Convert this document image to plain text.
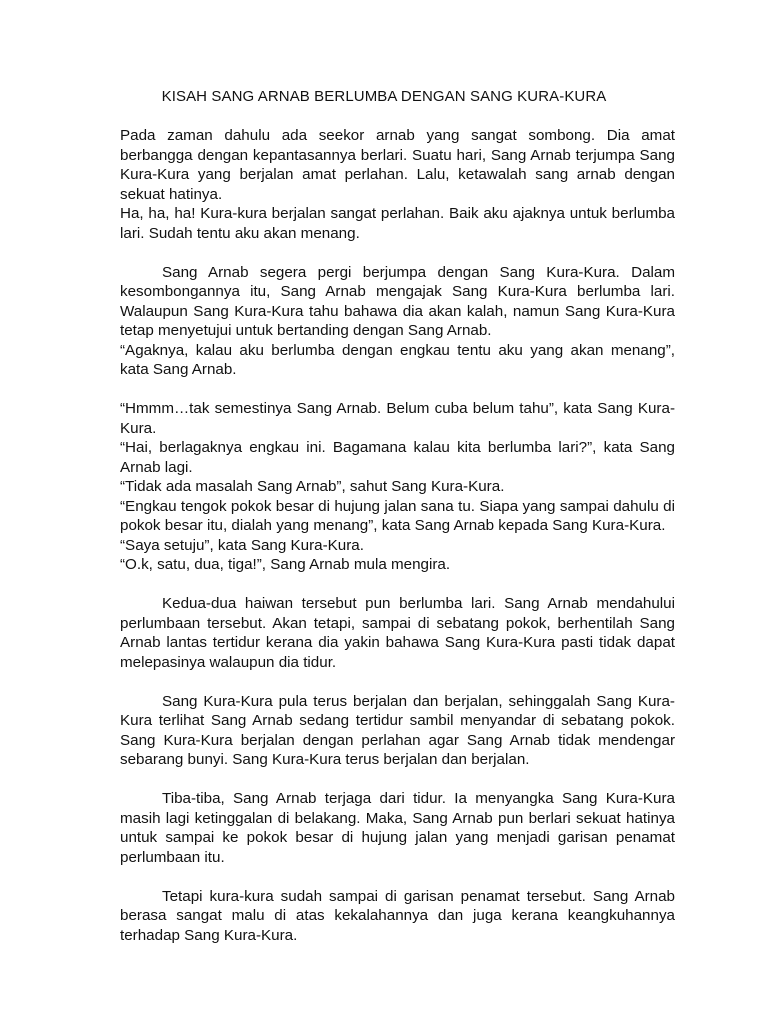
KISAH SANG ARNAB BERLUMBA DENGAN SANG KURA-KURA

Pada zaman dahulu ada seekor arnab yang sangat sombong. Dia amat berbangga dengan kepantasannya berlari. Suatu hari, Sang Arnab terjumpa Sang Kura-Kura yang berjalan amat perlahan. Lalu, ketawalah sang arnab dengan sekuat hatinya.

Ha, ha, ha! Kura-kura berjalan sangat perlahan. Baik aku ajaknya untuk berlumba lari. Sudah tentu aku akan menang.

Sang Arnab segera pergi berjumpa dengan Sang Kura-Kura. Dalam kesombongannya itu, Sang Arnab mengajak Sang Kura-Kura berlumba lari. Walaupun Sang Kura-Kura tahu bahawa dia akan kalah, namun Sang Kura-Kura tetap menyetujui untuk bertanding dengan Sang Arnab.

“Agaknya, kalau aku berlumba dengan engkau tentu aku yang akan menang”, kata Sang Arnab.

“Hmmm…tak semestinya Sang Arnab. Belum cuba belum tahu”, kata Sang Kura-Kura.

“Hai, berlagaknya engkau ini. Bagamana kalau kita berlumba lari?”, kata Sang Arnab lagi.

“Tidak ada masalah Sang Arnab”, sahut Sang Kura-Kura.

“Engkau tengok pokok besar di hujung jalan sana tu. Siapa yang sampai dahulu di pokok besar itu, dialah yang menang”, kata Sang Arnab kepada Sang Kura-Kura.

“Saya setuju”, kata Sang Kura-Kura.

“O.k, satu, dua, tiga!”, Sang Arnab mula mengira.

Kedua-dua haiwan tersebut pun berlumba lari. Sang Arnab mendahului perlumbaan tersebut. Akan tetapi, sampai di sebatang pokok, berhentilah Sang Arnab lantas tertidur kerana dia yakin bahawa Sang Kura-Kura pasti tidak dapat melepasinya walaupun dia tidur.

Sang Kura-Kura pula terus berjalan dan berjalan, sehinggalah Sang Kura-Kura terlihat Sang Arnab sedang tertidur sambil menyandar di sebatang pokok. Sang Kura-Kura berjalan dengan perlahan agar Sang Arnab tidak mendengar sebarang bunyi. Sang Kura-Kura terus berjalan dan berjalan.

Tiba-tiba, Sang Arnab terjaga dari tidur. Ia menyangka Sang Kura-Kura masih lagi ketinggalan di belakang. Maka, Sang Arnab pun berlari sekuat hatinya untuk sampai ke pokok besar di hujung jalan yang menjadi garisan penamat perlumbaan itu.

Tetapi kura-kura sudah sampai di garisan penamat tersebut. Sang Arnab berasa sangat malu di atas kekalahannya dan juga kerana keangkuhannya terhadap Sang Kura-Kura.
